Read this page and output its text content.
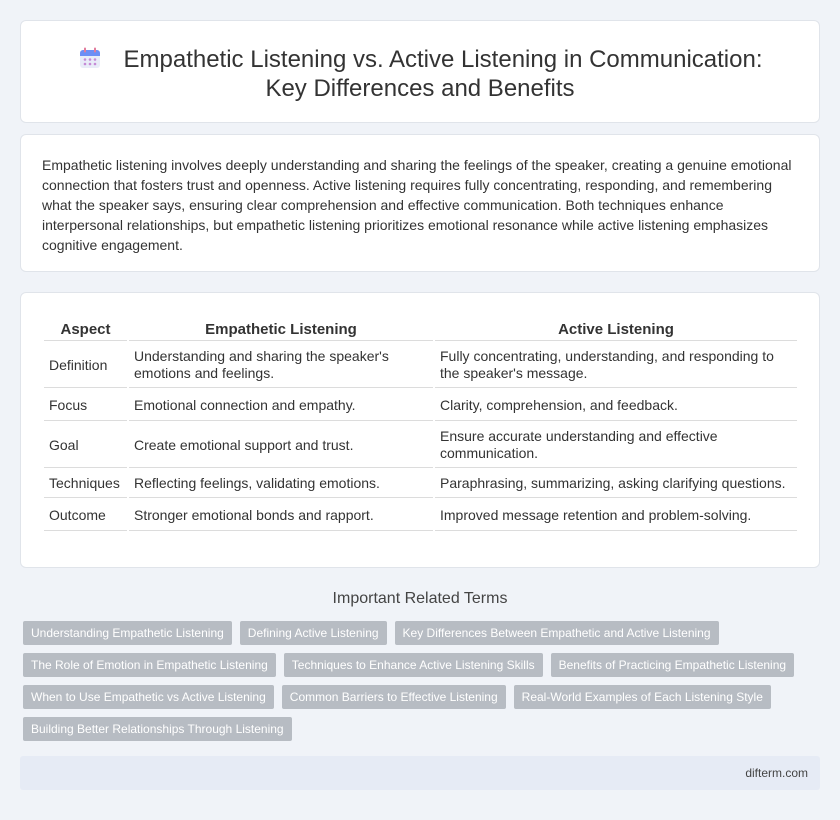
Empathetic Listening vs. Active Listening in Communication: Key Differences and Benefits

Empathetic listening involves deeply understanding and sharing the feelings of the speaker, creating a genuine emotional connection that fosters trust and openness. Active listening requires fully concentrating, responding, and remembering what the speaker says, ensuring clear comprehension and effective communication. Both techniques enhance interpersonal relationships, but empathetic listening prioritizes emotional resonance while active listening emphasizes cognitive engagement.

Aspect	Empathetic Listening	Active Listening
Definition	Understanding and sharing the speaker's emotions and feelings.	Fully concentrating, understanding, and responding to the speaker's message.
Focus	Emotional connection and empathy.	Clarity, comprehension, and feedback.
Goal	Create emotional support and trust.	Ensure accurate understanding and effective communication.
Techniques	Reflecting feelings, validating emotions.	Paraphrasing, summarizing, asking clarifying questions.
Outcome	Stronger emotional bonds and rapport.	Improved message retention and problem-solving.
Important Related Terms
Understanding Empathetic Listening	Defining Active Listening	Key Differences Between Empathetic and Active Listening
The Role of Emotion in Empathetic Listening	Techniques to Enhance Active Listening Skills	Benefits of Practicing Empathetic Listening
When to Use Empathetic vs Active Listening	Common Barriers to Effective Listening	Real-World Examples of Each Listening Style
Building Better Relationships Through Listening
difterm.com
